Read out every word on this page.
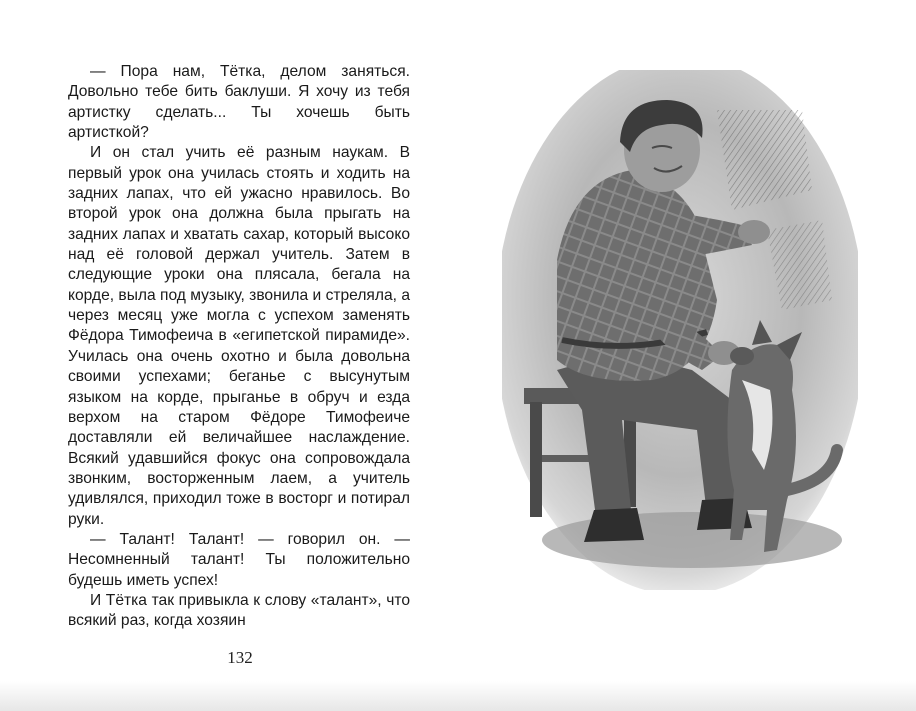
— Пора нам, Тётка, делом заняться. Довольно тебе бить баклуши. Я хочу из тебя артистку сделать... Ты хочешь быть артисткой?

И он стал учить её разным наукам. В первый урок она училась стоять и ходить на задних лапах, что ей ужасно нравилось. Во второй урок она должна была прыгать на задних лапах и хватать сахар, который высоко над её головой держал учитель. Затем в следующие уроки она плясала, бегала на корде, выла под музыку, звонила и стреляла, а через месяц уже могла с успехом заменять Фёдора Тимофеича в «египетской пирамиде». Училась она очень охотно и была довольна своими успехами; беганье с высунутым языком на корде, прыганье в обруч и езда верхом на старом Фёдоре Тимофеиче доставляли ей величайшее наслаждение. Всякий удавшийся фокус она сопровождала звонким, восторженным лаем, а учитель удивлялся, приходил тоже в восторг и потирал руки.

— Талант! Талант! — говорил он. — Несомненный талант! Ты положительно будешь иметь успех!

И Тётка так привыкла к слову «талант», что всякий раз, когда хозяин

132
